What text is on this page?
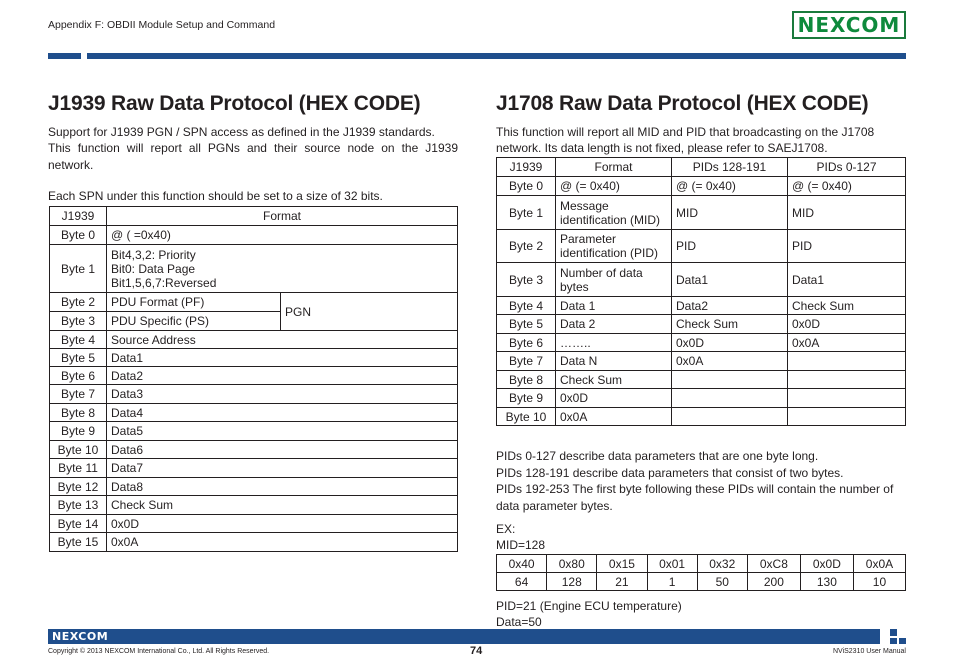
Appendix F: OBDII Module Setup and Command	NEXCOM
J1939 Raw Data Protocol (HEX CODE)
Support for J1939 PGN / SPN access as defined in the J1939 standards.
This function will report all PGNs and their source node on the J1939 network.
Each SPN under this function should be set to a size of 32 bits.
J1939	Format	
Byte 0	@ ( =0x40)	
Byte 1	Bit4,3,2: Priority
Bit0: Data Page
Bit1,5,6,7:Reversed	

Byte 2	PDU Format (PF)	PGN
Byte 3	PDU Specific (PS)	
Byte 4	Source Address	
Byte 5	Data1	
Byte 6	Data2	
Byte 7	Data3	
Byte 8	Data4	
Byte 9	Data5	
Byte 10	Data6	
Byte 11	Data7	
Byte 12	Data8	
Byte 13	Check Sum	
Byte 14	0x0D	
Byte 15	0x0A	
J1708 Raw Data Protocol (HEX CODE)
This function will report all MID and PID that broadcasting on the J1708
network. Its data length is not fixed, please refer to SAEJ1708.
J1939	Format	PIDs 128-191	PIDs 0-127
Byte 0	@ (= 0x40)	@ (= 0x40)	@ (= 0x40)
Byte 1	Message identification (MID)	MID	MID
Byte 2	Parameter identification (PID)	PID	PID
Byte 3	Number of data bytes	Data1	Data1
Byte 4	Data 1	Data2	Check Sum
Byte 5	Data 2	Check Sum	0x0D
Byte 6	……..	0x0D	0x0A
Byte 7	Data N	0x0A	
Byte 8	Check Sum		
Byte 9	0x0D		
Byte 10	0x0A		
PIDs 0-127 describe data parameters that are one byte long.
PIDs 128-191 describe data parameters that consist of two bytes.
PIDs 192-253 The first byte following these PIDs will contain the number of
data parameter bytes.
EX:
MID=128
0x40	0x80	0x15	0x01	0x32	0xC8	0x0D	0x0A
64	128	21	1	50	200	130	10
PID=21 (Engine ECU temperature)
Data=50
NEXCOM
Copyright © 2013 NEXCOM International Co., Ltd. All Rights Reserved.	74	NViS2310 User Manual
